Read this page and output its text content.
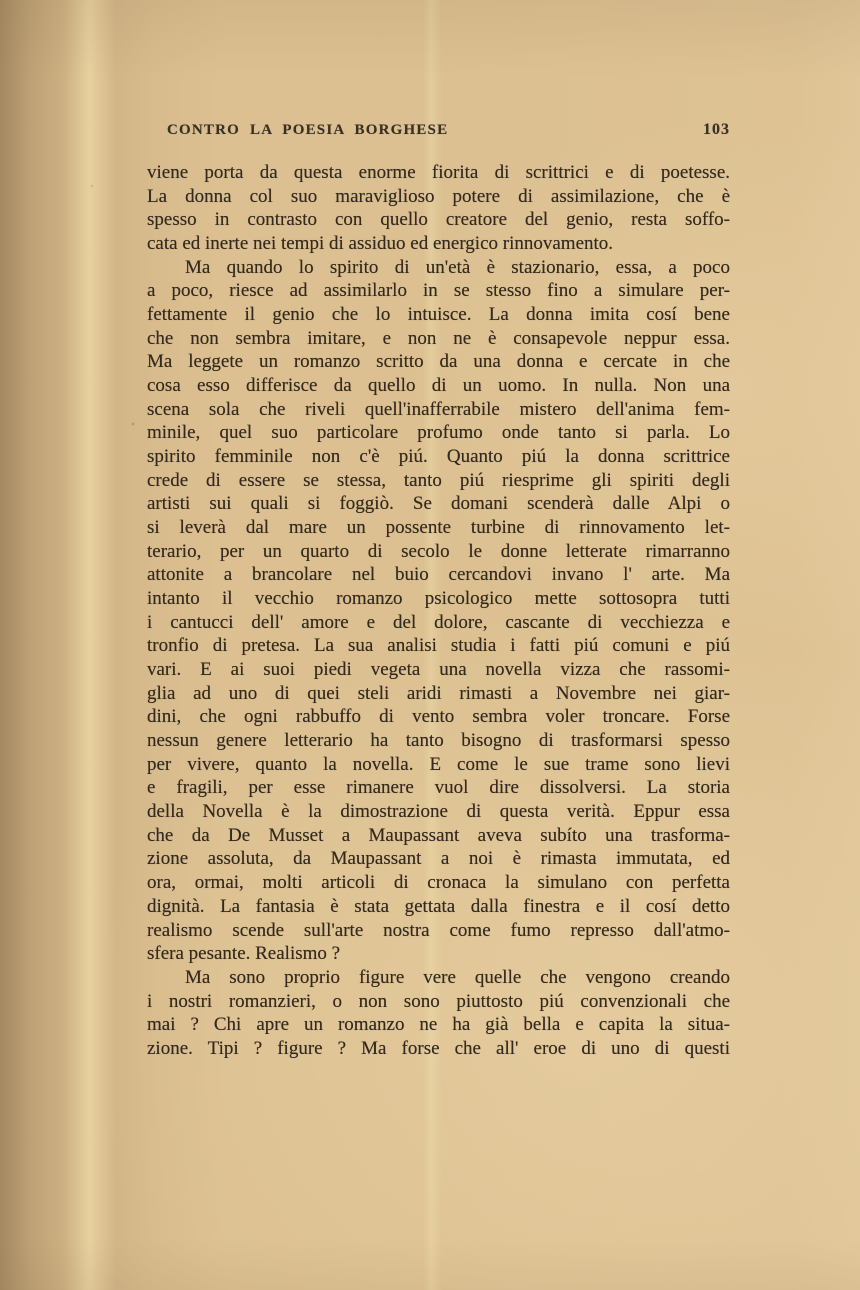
CONTRO LA POESIA BORGHESE	103
viene porta da questa enorme fiorita di scrittrici e di poetesse.
La donna col suo maraviglioso potere di assimilazione, che è
spesso in contrasto con quello creatore del genio, resta soffo-
cata ed inerte nei tempi di assiduo ed energico rinnovamento.
Ma quando lo spirito di un'età è stazionario, essa, a poco
a poco, riesce ad assimilarlo in se stesso fino a simulare per-
fettamente il genio che lo intuisce. La donna imita cosí bene
che non sembra imitare, e non ne è consapevole neppur essa.
Ma leggete un romanzo scritto da una donna e cercate in che
cosa esso differisce da quello di un uomo. In nulla. Non una
scena sola che riveli quell'inafferrabile mistero dell'anima fem-
minile, quel suo particolare profumo onde tanto si parla. Lo
spirito femminile non c'è piú. Quanto piú la donna scrittrice
crede di essere se stessa, tanto piú riesprime gli spiriti degli
artisti sui quali si foggiò. Se domani scenderà dalle Alpi o
si leverà dal mare un possente turbine di rinnovamento let-
terario, per un quarto di secolo le donne letterate rimarranno
attonite a brancolare nel buio cercandovi invano l' arte. Ma
intanto il vecchio romanzo psicologico mette sottosopra tutti
i cantucci dell' amore e del dolore, cascante di vecchiezza e
tronfio di pretesa. La sua analisi studia i fatti piú comuni e piú
vari. E ai suoi piedi vegeta una novella vizza che rassomi-
glia ad uno di quei steli aridi rimasti a Novembre nei giar-
dini, che ogni rabbuffo di vento sembra voler troncare. Forse
nessun genere letterario ha tanto bisogno di trasformarsi spesso
per vivere, quanto la novella. E come le sue trame sono lievi
e fragili, per esse rimanere vuol dire dissolversi. La storia
della Novella è la dimostrazione di questa verità. Eppur essa
che da De Musset a Maupassant aveva subíto una trasforma-
zione assoluta, da Maupassant a noi è rimasta immutata, ed
ora, ormai, molti articoli di cronaca la simulano con perfetta
dignità. La fantasia è stata gettata dalla finestra e il cosí detto
realismo scende sull'arte nostra come fumo represso dall'atmo-
sfera pesante. Realismo ?
Ma sono proprio figure vere quelle che vengono creando
i nostri romanzieri, o non sono piuttosto piú convenzionali che
mai ? Chi apre un romanzo ne ha già bella e capita la situa-
zione. Tipi ? figure ? Ma forse che all' eroe di uno di questi
